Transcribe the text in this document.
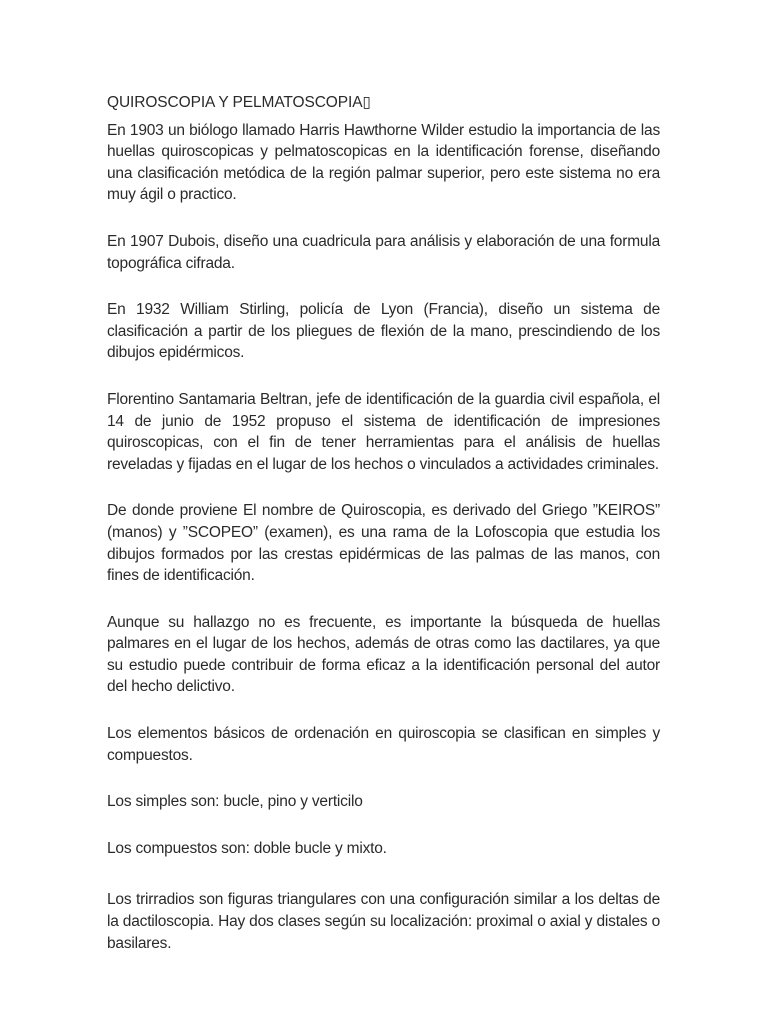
QUIROSCOPIA Y PELMATOSCOPIA▯

En 1903 un biólogo llamado Harris Hawthorne Wilder estudio la importancia de las huellas quiroscopicas y pelmatoscopicas en la identificación forense, diseñando una clasificación metódica de la región palmar superior, pero este sistema no era muy ágil o practico.

En 1907 Dubois, diseño una cuadricula para análisis y elaboración de una formula topográfica cifrada.

En 1932 William Stirling, policía de Lyon (Francia), diseño un sistema de clasificación a partir de los pliegues de flexión de la mano, prescindiendo de los dibujos epidérmicos.

Florentino Santamaria Beltran, jefe de identificación de la guardia civil española, el 14 de junio de 1952 propuso el sistema de identificación de impresiones quiroscopicas, con el fin de tener herramientas para el análisis de huellas reveladas y fijadas en el lugar de los hechos o vinculados a actividades criminales.

De donde proviene El nombre de Quiroscopia, es derivado del Griego ”KEIROS” (manos) y ”SCOPEO” (examen), es una rama de la Lofoscopia que estudia los dibujos formados por las crestas epidérmicas de las palmas de las manos, con fines de identificación.

Aunque su hallazgo no es frecuente, es importante la búsqueda de huellas palmares en el lugar de los hechos, además de otras como las dactilares, ya que su estudio puede contribuir de forma eficaz a la identificación personal del autor del hecho delictivo.

Los elementos básicos de ordenación en quiroscopia se clasifican en simples y compuestos.

Los simples son: bucle, pino y verticilo

Los compuestos son: doble bucle y mixto.

Los trirradios son figuras triangulares con una configuración similar a los deltas de la dactiloscopia. Hay dos clases según su localización: proximal o axial y distales o basilares.
